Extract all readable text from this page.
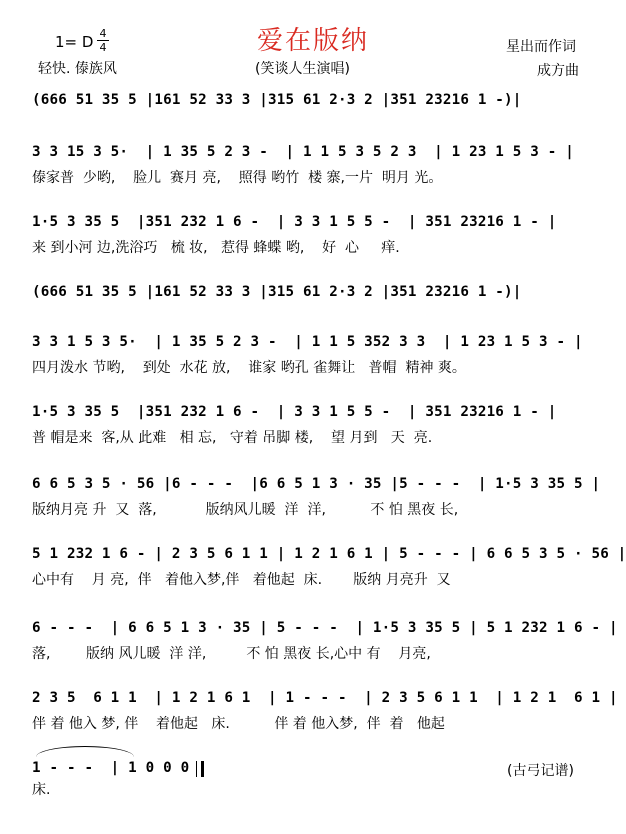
爱在版纳
1= D 4
4
轻快. 傣族风	(笑谈人生演唱)
星出而作词
成方曲
(666 51 35 5 |161 52 33 3 |315 61 2·3 2 |351 23216 1 -)|
3 3 15 3 5·  | 1 35 5 2 3 -  | 1 1 5 3 5 2 3  | 1 23 1 5 3 - |
傣家普  少哟,    脸儿  赛月 亮,    照得 哟竹  楼 寨,一片  明月 光。
1·5 3 35 5  |351 232 1 6 -  | 3 3 1 5 5 -  | 351 23216 1 - |
来 到小河 边,洗浴巧   梳 妆,   惹得 蜂蝶 哟,    好  心     痒.
(666 51 35 5 |161 52 33 3 |315 61 2·3 2 |351 23216 1 -)|
3 3 1 5 3 5·  | 1 35 5 2 3 -  | 1 1 5 352 3 3  | 1 23 1 5 3 - |
四月泼水 节哟,    到处  水花 放,    谁家 哟孔 雀舞让   普帽  精神 爽。
1·5 3 35 5  |351 232 1 6 -  | 3 3 1 5 5 -  | 351 23216 1 - |
普 帽是来  客,从 此难   相 忘,   守着 吊脚 楼,    望 月到   天  亮.
6 6 5 3 5 · 56 |6 - - -  |6 6 5 1 3 · 35 |5 - - -  | 1·5 3 35 5 |
版纳月亮 升  又  落,           版纳风儿暖  洋  洋,          不 怕 黑夜 长,
5 1 232 1 6 - | 2 3 5 6 1 1 | 1 2 1 6 1 | 5 - - - | 6 6 5 3 5 · 56 |
心中有    月 亮,  伴   着他入梦,伴   着他起  床.       版纳 月亮升  又
6 - - -  | 6 6 5 1 3 · 35 | 5 - - -  | 1·5 3 35 5 | 5 1 232 1 6 - |
落,        版纳 风儿暖  洋 洋,         不 怕 黑夜 长,心中 有    月亮,
2 3 5  6 1 1  | 1 2 1 6 1  | 1 - - -  | 2 3 5 6 1 1  | 1 2 1  6 1 |
伴 着 他入 梦, 伴    着他起   床.          伴 着 他入梦,  伴  着   他起
1 - - -  | 1 0 0 0
床.
(古弓记谱)
